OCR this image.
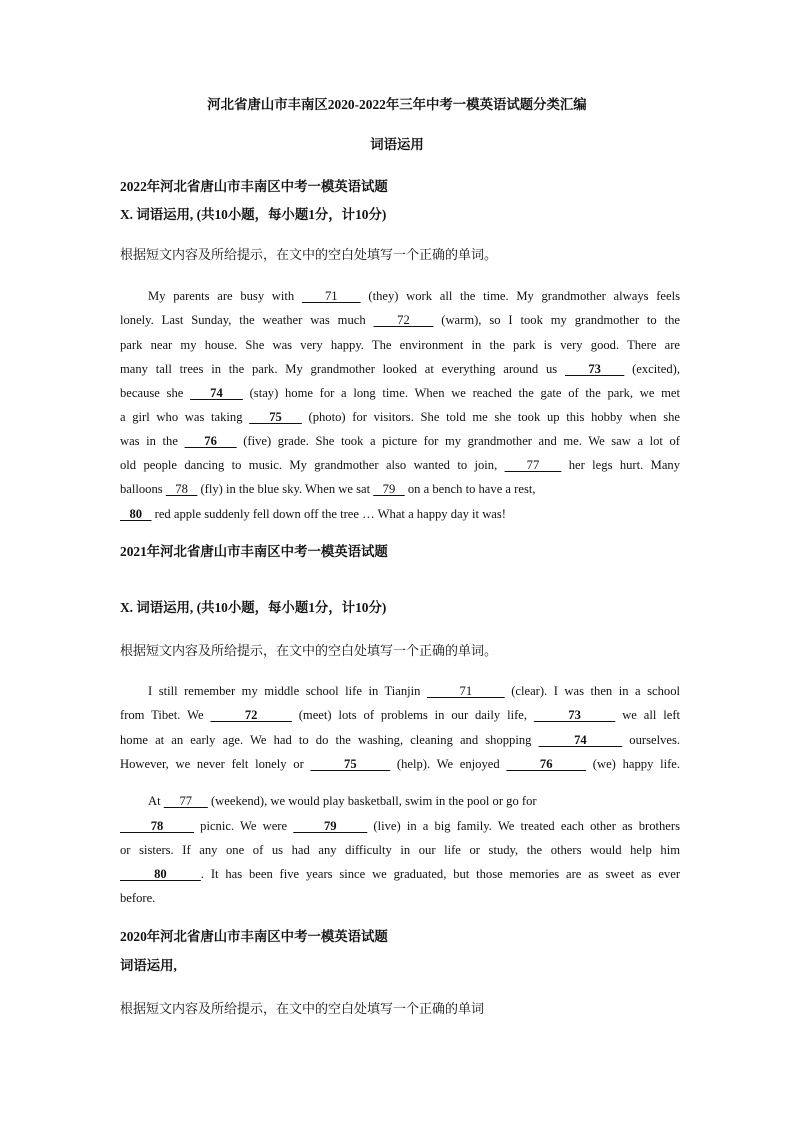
河北省唐山市丰南区2020-2022年三年中考一模英语试题分类汇编
词语运用
2022年河北省唐山市丰南区中考一模英语试题
X. 词语运用, (共10小题，每小题1分，计10分)
根据短文内容及所给提示，在文中的空白处填写一个正确的单词。
My parents are busy with    71    (they) work all the time. My grandmother always feels
lonely. Last Sunday, the weather was much    72    (warm), so I took my grandmother to the
park near my house. She was very happy. The environment in the park is very good. There are
many tall trees in the park. My grandmother looked at everything around us    73    (excited),
because she    74    (stay) home for a long time. When we reached the gate of the park, we met
a girl who was taking    75    (photo) for visitors. She told me she took up this hobby when she
was in the    76    (five) grade. She took a picture for my grandmother and me. We saw a lot of
old people dancing to music. My grandmother also wanted to join,    77    her legs hurt. Many
balloons    78    (fly) in the blue sky. When we sat    79    on a bench to have a rest,
80    red apple suddenly fell down off the tree … What a happy day it was!
2021年河北省唐山市丰南区中考一模英语试题
X. 词语运用, (共10小题，每小题1分，计10分)
根据短文内容及所给提示，在文中的空白处填写一个正确的单词。
I still remember my middle school life in Tianjin      71      (clear). I was then in a school
from Tibet. We      72      (meet) lots of problems in our daily life,      73      we all left
home at an early age. We had to do the washing, cleaning and shopping      74      ourselves.
However, we never felt lonely or      75      (help). We enjoyed      76      (we) happy life.
At      77      (weekend), we would play basketball, swim in the pool or go for
78      picnic. We were      79      (live) in a big family. We treated each other as brothers
or sisters. If any one of us had any difficulty in our life or study, the others would help him
80     . It has been five years since we graduated, but those memories are as sweet as ever
before.
2020年河北省唐山市丰南区中考一模英语试题
词语运用,
根据短文内容及所给提示，在文中的空白处填写一个正确的单词
